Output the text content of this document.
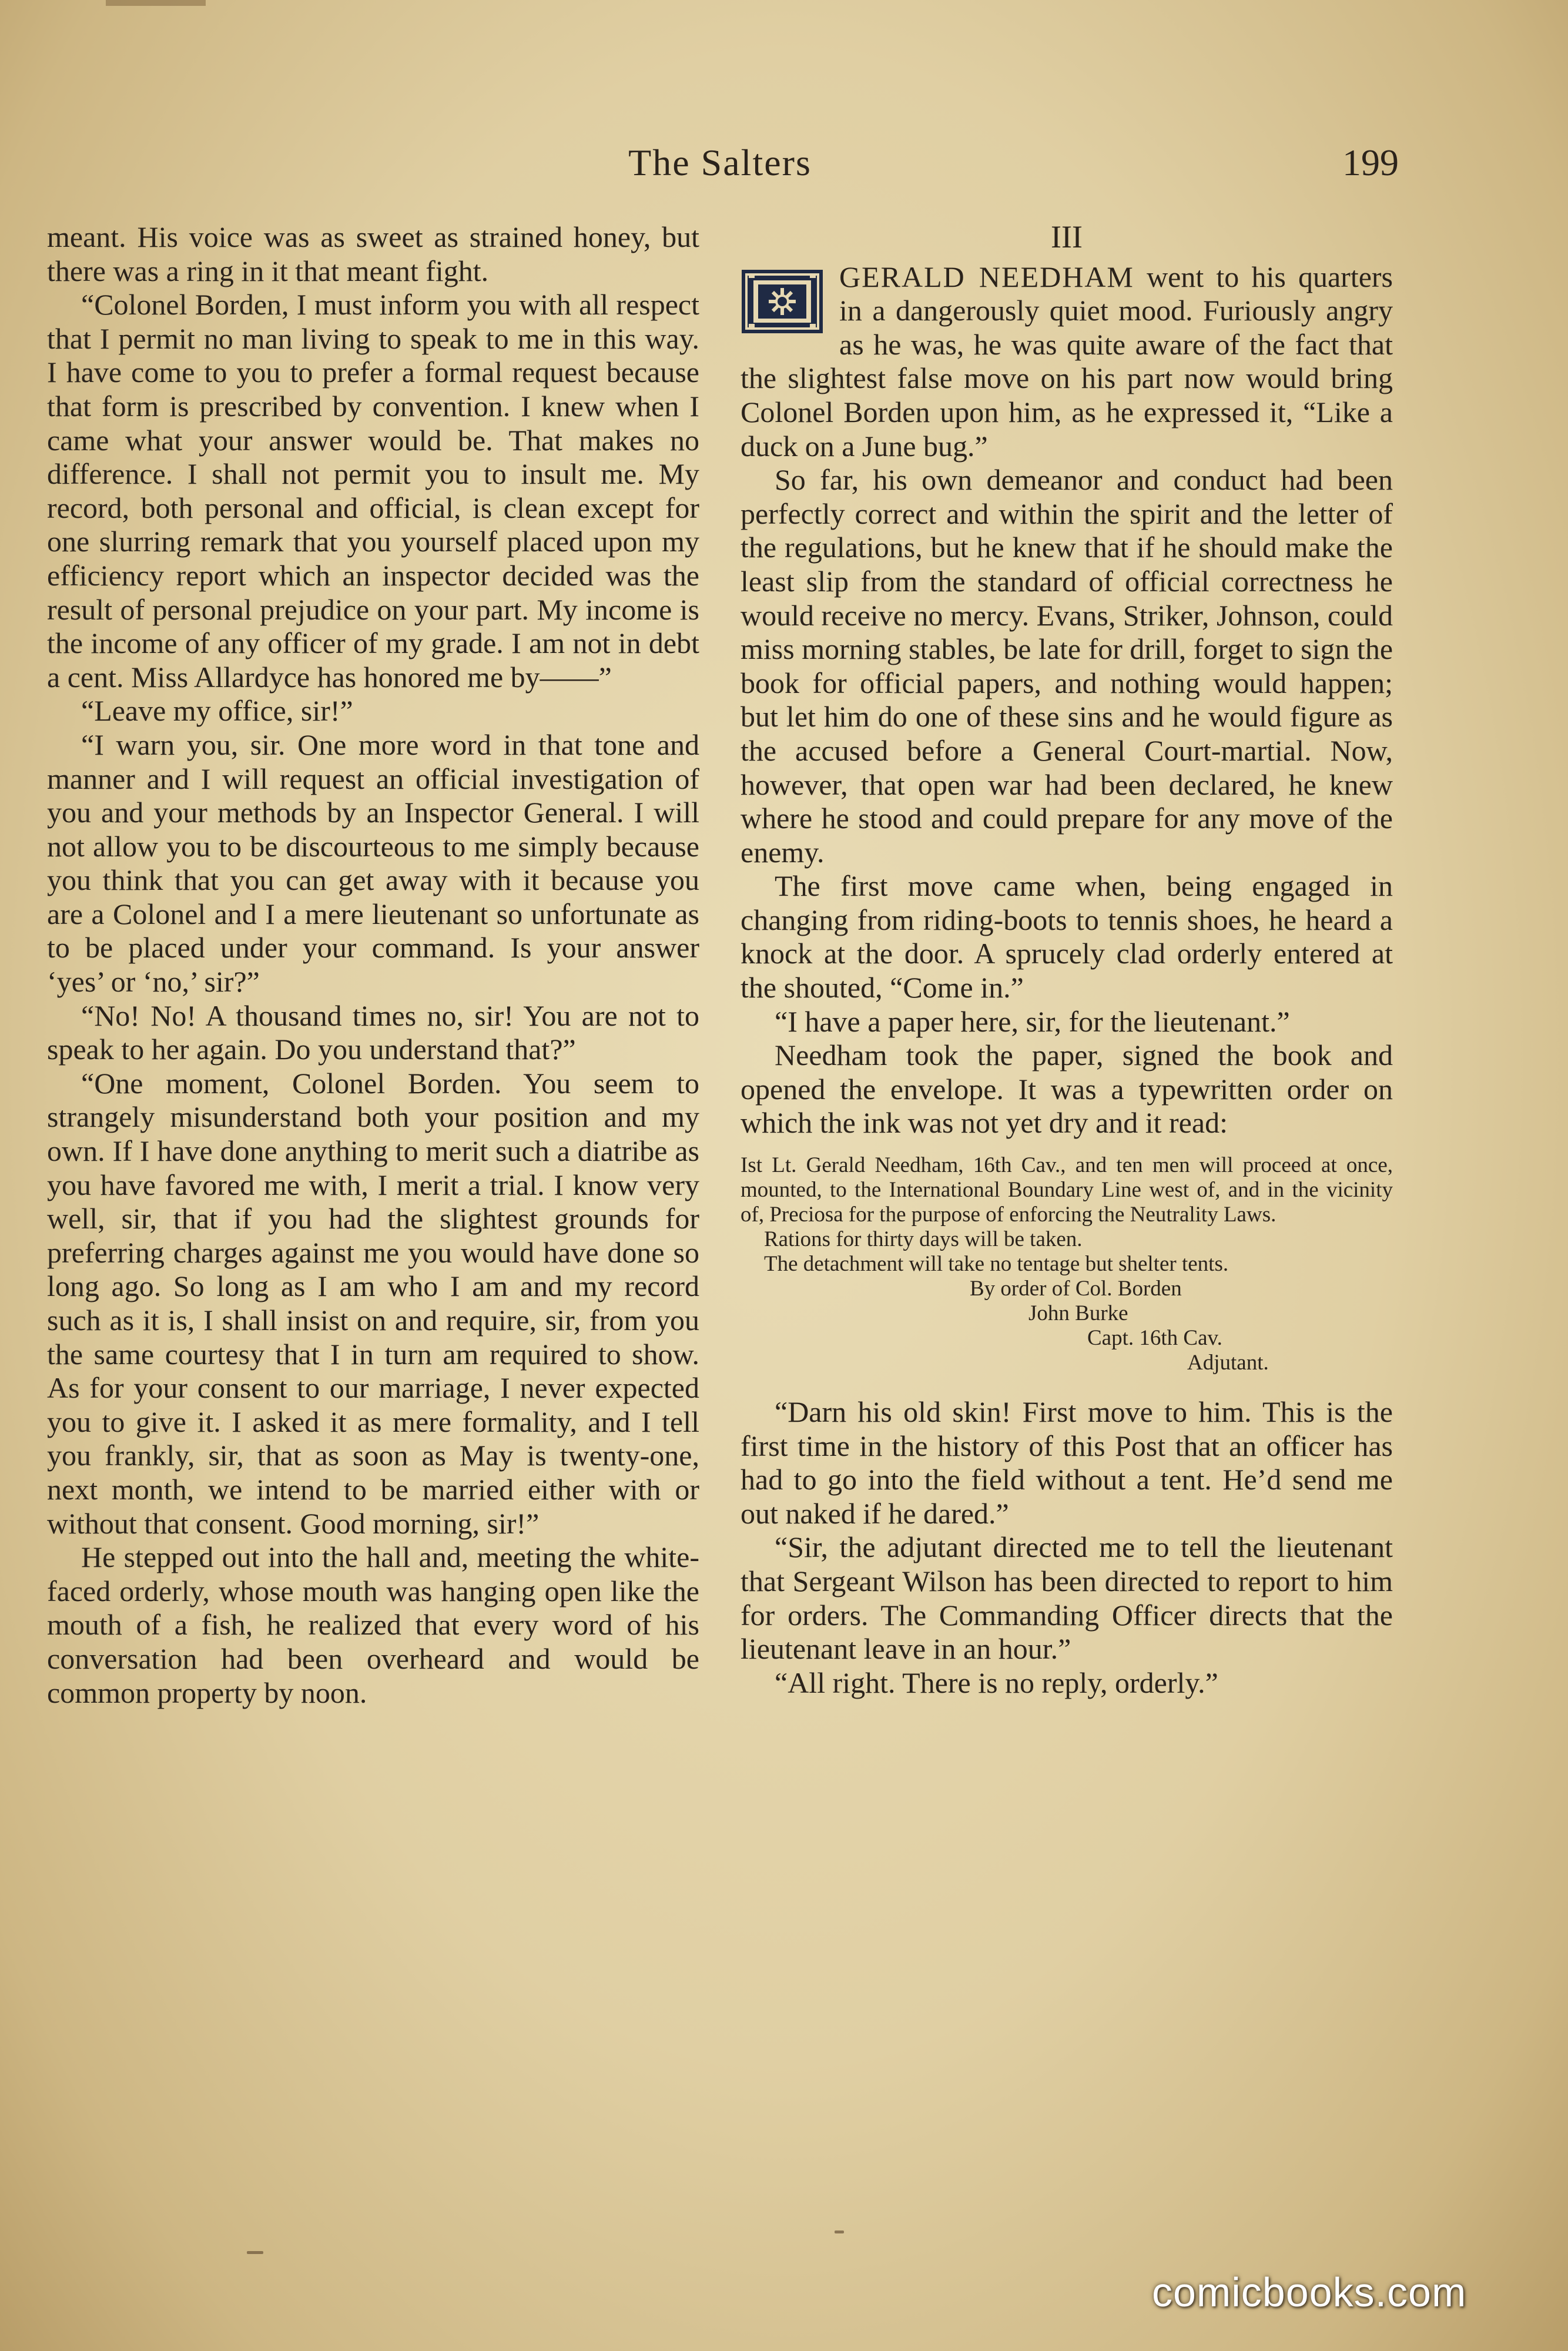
The Salters	199

meant. His voice was as sweet as strained honey, but there was a ring in it that meant fight.

“Colonel Borden, I must inform you with all respect that I permit no man living to speak to me in this way. I have come to you to prefer a formal request because that form is prescribed by convention. I knew when I came what your answer would be. That makes no difference. I shall not permit you to insult me. My record, both personal and official, is clean except for one slurring remark that you yourself placed upon my efficiency report which an inspector decided was the result of personal prejudice on your part. My income is the income of any officer of my grade. I am not in debt a cent. Miss Allardyce has honored me by——”

“Leave my office, sir!”

“I warn you, sir. One more word in that tone and manner and I will request an official investigation of you and your methods by an Inspector General. I will not allow you to be discourteous to me simply because you think that you can get away with it because you are a Colonel and I a mere lieutenant so unfortunate as to be placed under your command. Is your answer ‘yes’ or ‘no,’ sir?”

“No! No! A thousand times no, sir! You are not to speak to her again. Do you understand that?”

“One moment, Colonel Borden. You seem to strangely misunderstand both your position and my own. If I have done anything to merit such a diatribe as you have favored me with, I merit a trial. I know very well, sir, that if you had the slightest grounds for preferring charges against me you would have done so long ago. So long as I am who I am and my record such as it is, I shall insist on and require, sir, from you the same courtesy that I in turn am required to show. As for your consent to our marriage, I never expected you to give it. I asked it as mere formality, and I tell you frankly, sir, that as soon as May is twenty-one, next month, we intend to be married either with or without that consent. Good morning, sir!”

He stepped out into the hall and, meeting the white-faced orderly, whose mouth was hanging open like the mouth of a fish, he realized that every word of his conversation had been overheard and would be common property by noon.

III

GERALD NEEDHAM went to his quarters in a dangerously quiet mood. Furiously angry as he was, he was quite aware of the fact that the slightest false move on his part now would bring Colonel Borden upon him, as he expressed it, “Like a duck on a June bug.”

So far, his own demeanor and conduct had been perfectly correct and within the spirit and the letter of the regulations, but he knew that if he should make the least slip from the standard of official correctness he would receive no mercy. Evans, Striker, Johnson, could miss morning stables, be late for drill, forget to sign the book for official papers, and nothing would happen; but let him do one of these sins and he would figure as the accused before a General Court-martial. Now, however, that open war had been declared, he knew where he stood and could prepare for any move of the enemy.

The first move came when, being engaged in changing from riding-boots to tennis shoes, he heard a knock at the door. A sprucely clad orderly entered at the shouted, “Come in.”

“I have a paper here, sir, for the lieutenant.”

Needham took the paper, signed the book and opened the envelope. It was a typewritten order on which the ink was not yet dry and it read:

Ist Lt. Gerald Needham, 16th Cav., and ten men will proceed at once, mounted, to the International Boundary Line west of, and in the vicinity of, Preciosa for the purpose of enforcing the Neutrality Laws.

Rations for thirty days will be taken.

The detachment will take no tentage but shelter tents.

By order of Col. Borden

John Burke

Capt. 16th Cav.

Adjutant.

“Darn his old skin! First move to him. This is the first time in the history of this Post that an officer has had to go into the field without a tent. He’d send me out naked if he dared.”

“Sir, the adjutant directed me to tell the lieutenant that Sergeant Wilson has been directed to report to him for orders. The Commanding Officer directs that the lieutenant leave in an hour.”

“All right. There is no reply, orderly.”

comicbooks.com
